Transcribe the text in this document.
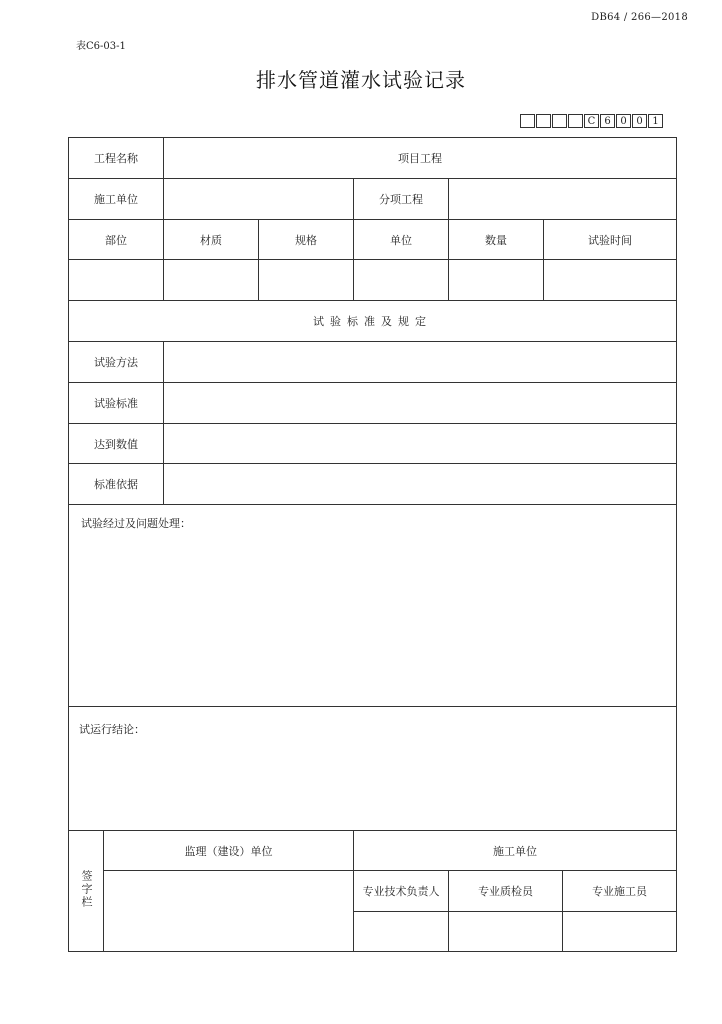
DB64 / 266—2018
表C6-03-1
排水管道灌水试验记录
C 6 0 0 1
工程名称		项目工程					
施工单位				分项工程			
部位		材质	规格	单位	数量	试验时间	

试验标准及规定							
试验方法							
试验标准							
达到数值							
标准依据							
试验经过及问题处理：							
试运行结论：							
签字栏	监理（建设）单位			施工单位			
				专业技术负责人	专业质检员		专业施工员
